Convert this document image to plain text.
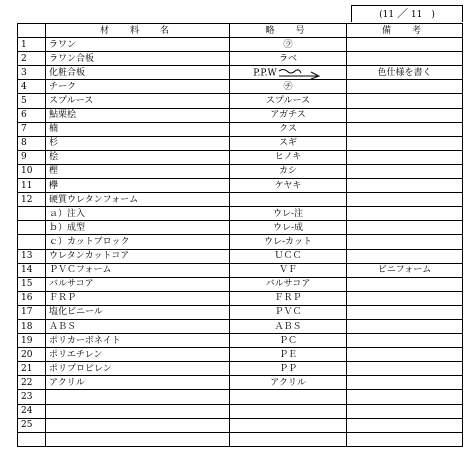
(11 ／ 11　)
	材　料　名	略　号	備　考
1	ラワン	㋶	
2	ラワン合板	ラベ	
3	化粧合板	P.P.W	色仕様を書く
4	チーク	㋠	
5	スプルース	スプルース	
6	鮎栗桧	アガチス	
7	楠	クス	
8	杉	スギ	
9	桧	ヒノキ	
10	樫	カシ	
11	欅	ケヤキ	
12	硬質ウレタンフォーム		
	ａ）注入	ウレ-注	
	ｂ）成型	ウレ-成	
	ｃ）カットブロック	ウレ-カット	
13	ウレタンカットコア	ＵＣＣ	
14	ＰＶＣフォーム	ＶＦ	ビニフォーム
15	バルサコア	バルサコア	
16	ＦＲＰ	ＦＲＰ	
17	塩化ビニール	ＰＶＣ	
18	ＡＢＳ	ＡＢＳ	
19	ポリカーボネイト	ＰＣ	
20	ポリエチレン	ＰＥ	
21	ポリプロピレン	ＰＰ	
22	アクリル	アクリル	
23			
24			
25			
